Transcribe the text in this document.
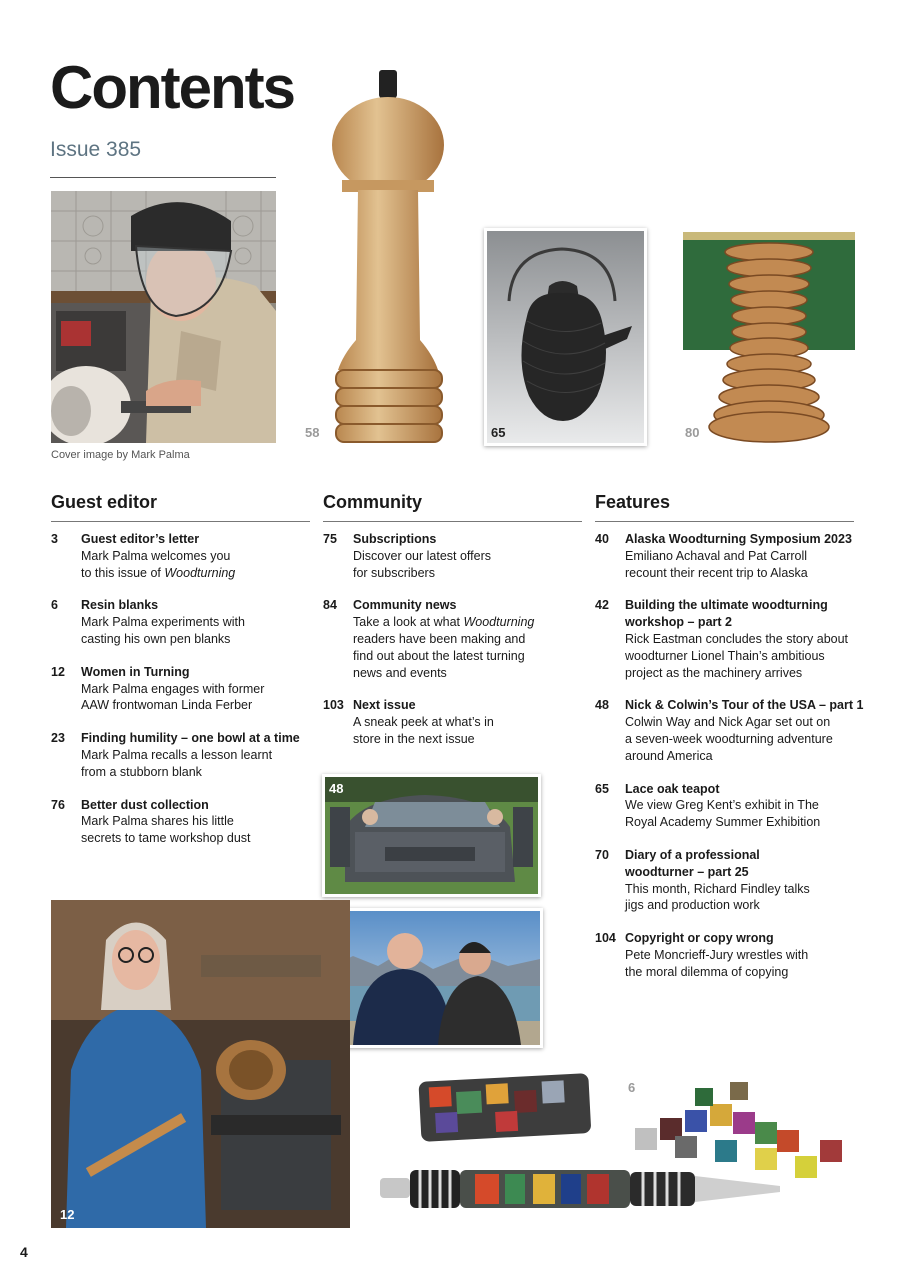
Contents
Issue 385
Cover image by Mark Palma
58	65	80
Guest editor	Community	Features
3	Guest editor’s letter
Mark Palma welcomes you
to this issue of Woodturning
6	Resin blanks
Mark Palma experiments with
casting his own pen blanks
12	Women in Turning
Mark Palma engages with former
AAW frontwoman Linda Ferber
23	Finding humility – one bowl at a time
Mark Palma recalls a lesson learnt
from a stubborn blank
76	Better dust collection
Mark Palma shares his little
secrets to tame workshop dust
75	Subscriptions
Discover our latest offers
for subscribers
84	Community news
Take a look at what Woodturning
readers have been making and
find out about the latest turning
news and events
103 Next issue
A sneak peek at what’s in
store in the next issue
40	Alaska Woodturning Symposium 2023
Emiliano Achaval and Pat Carroll
recount their recent trip to Alaska
42	Building the ultimate woodturning workshop – part 2
Rick Eastman concludes the story about
woodturner Lionel Thain’s ambitious
project as the machinery arrives
48	Nick & Colwin’s Tour of the USA – part 1
Colwin Way and Nick Agar set out on
a seven-week woodturning adventure
around America
65	Lace oak teapot
We view Greg Kent’s exhibit in The
Royal Academy Summer Exhibition
70	Diary of a professional woodturner – part 25
This month, Richard Findley talks
jigs and production work
104 Copyright or copy wrong
Pete Moncrieff-Jury wrestles with
the moral dilemma of copying
48
12
6
4
